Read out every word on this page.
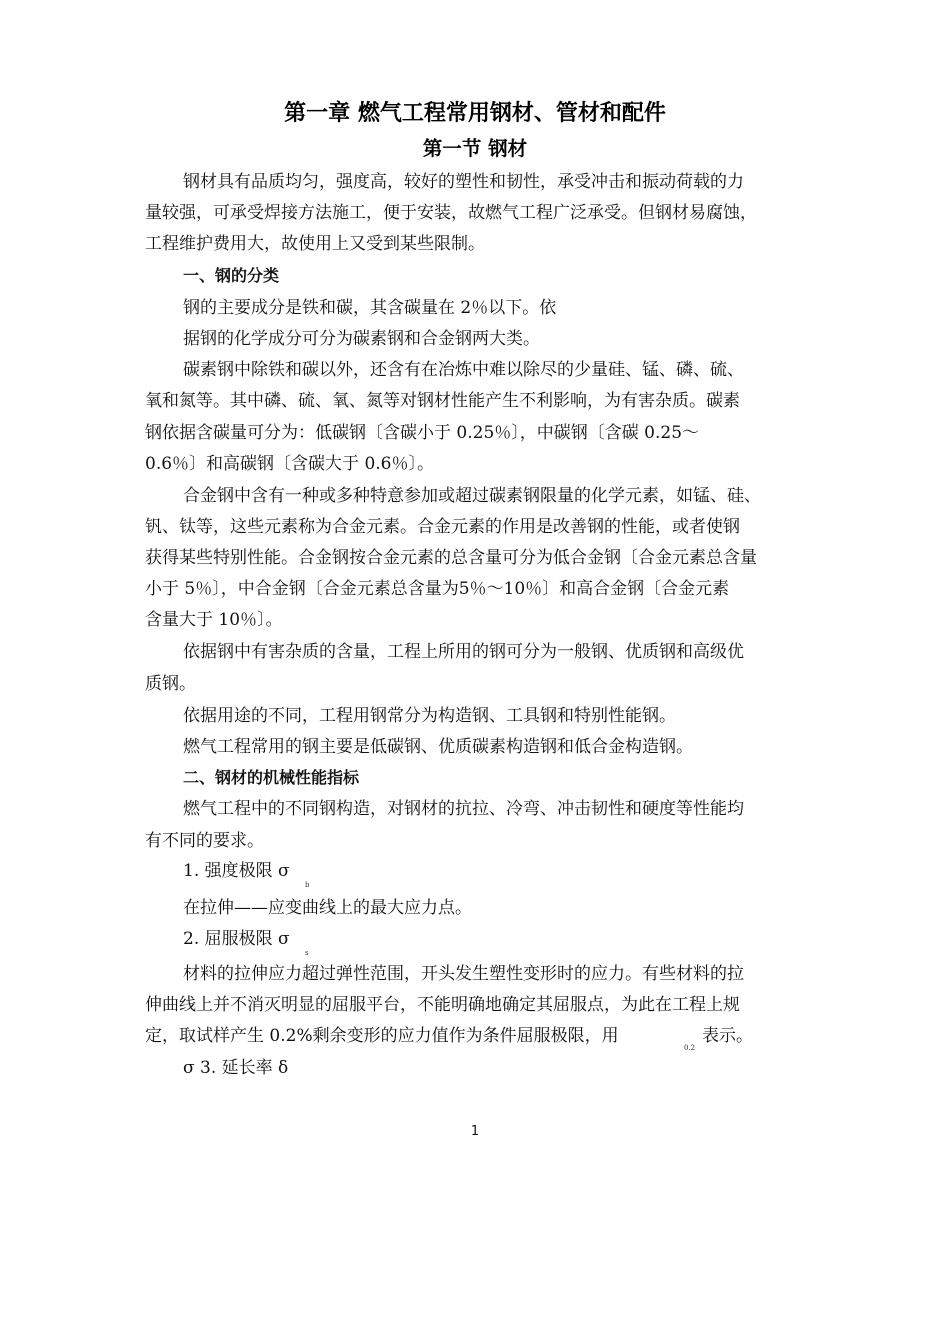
第一章 燃气工程常用钢材、管材和配件
第一节 钢材
钢材具有品质均匀，强度高，较好的塑性和韧性，承受冲击和振动荷载的力
量较强，可承受焊接方法施工，便于安装，故燃气工程广泛承受。但钢材易腐蚀，
工程维护费用大，故使用上又受到某些限制。
一、钢的分类
钢的主要成分是铁和碳，其含碳量在 2％以下。依
据钢的化学成分可分为碳素钢和合金钢两大类。
碳素钢中除铁和碳以外，还含有在冶炼中难以除尽的少量硅、锰、磷、硫、
氧和氮等。其中磷、硫、氧、氮等对钢材性能产生不利影响，为有害杂质。碳素
钢依据含碳量可分为：低碳钢〔含碳小于 0.25％〕，中碳钢〔含碳 0.25～
0.6％〕和高碳钢〔含碳大于 0.6％〕。
合金钢中含有一种或多种特意参加或超过碳素钢限量的化学元素，如锰、硅、
钒、钛等，这些元素称为合金元素。合金元素的作用是改善钢的性能，或者使钢
获得某些特别性能。合金钢按合金元素的总含量可分为低合金钢〔合金元素总含量
小于 5％〕，中合金钢〔合金元素总含量为5％～10％〕和高合金钢〔合金元素
含量大于 10％〕。
依据钢中有害杂质的含量，工程上所用的钢可分为一般钢、优质钢和高级优
质钢。
依据用途的不同，工程用钢常分为构造钢、工具钢和特别性能钢。
燃气工程常用的钢主要是低碳钢、优质碳素构造钢和低合金构造钢。
二、钢材的机械性能指标
燃气工程中的不同钢构造，对钢材的抗拉、冷弯、冲击韧性和硬度等性能均
有不同的要求。
1. 强度极限 σ
b
在拉伸——应变曲线上的最大应力点。
2. 屈服极限 σ
s
材料的拉伸应力超过弹性范围，开头发生塑性变形时的应力。有些材料的拉
伸曲线上并不消灭明显的屈服平台，不能明确地确定其屈服点，为此在工程上规
定，取试样产生 0.2%剩余变形的应力值作为条件屈服极限，用
0.2
表示。
σ 3. 延长率 δ
1
